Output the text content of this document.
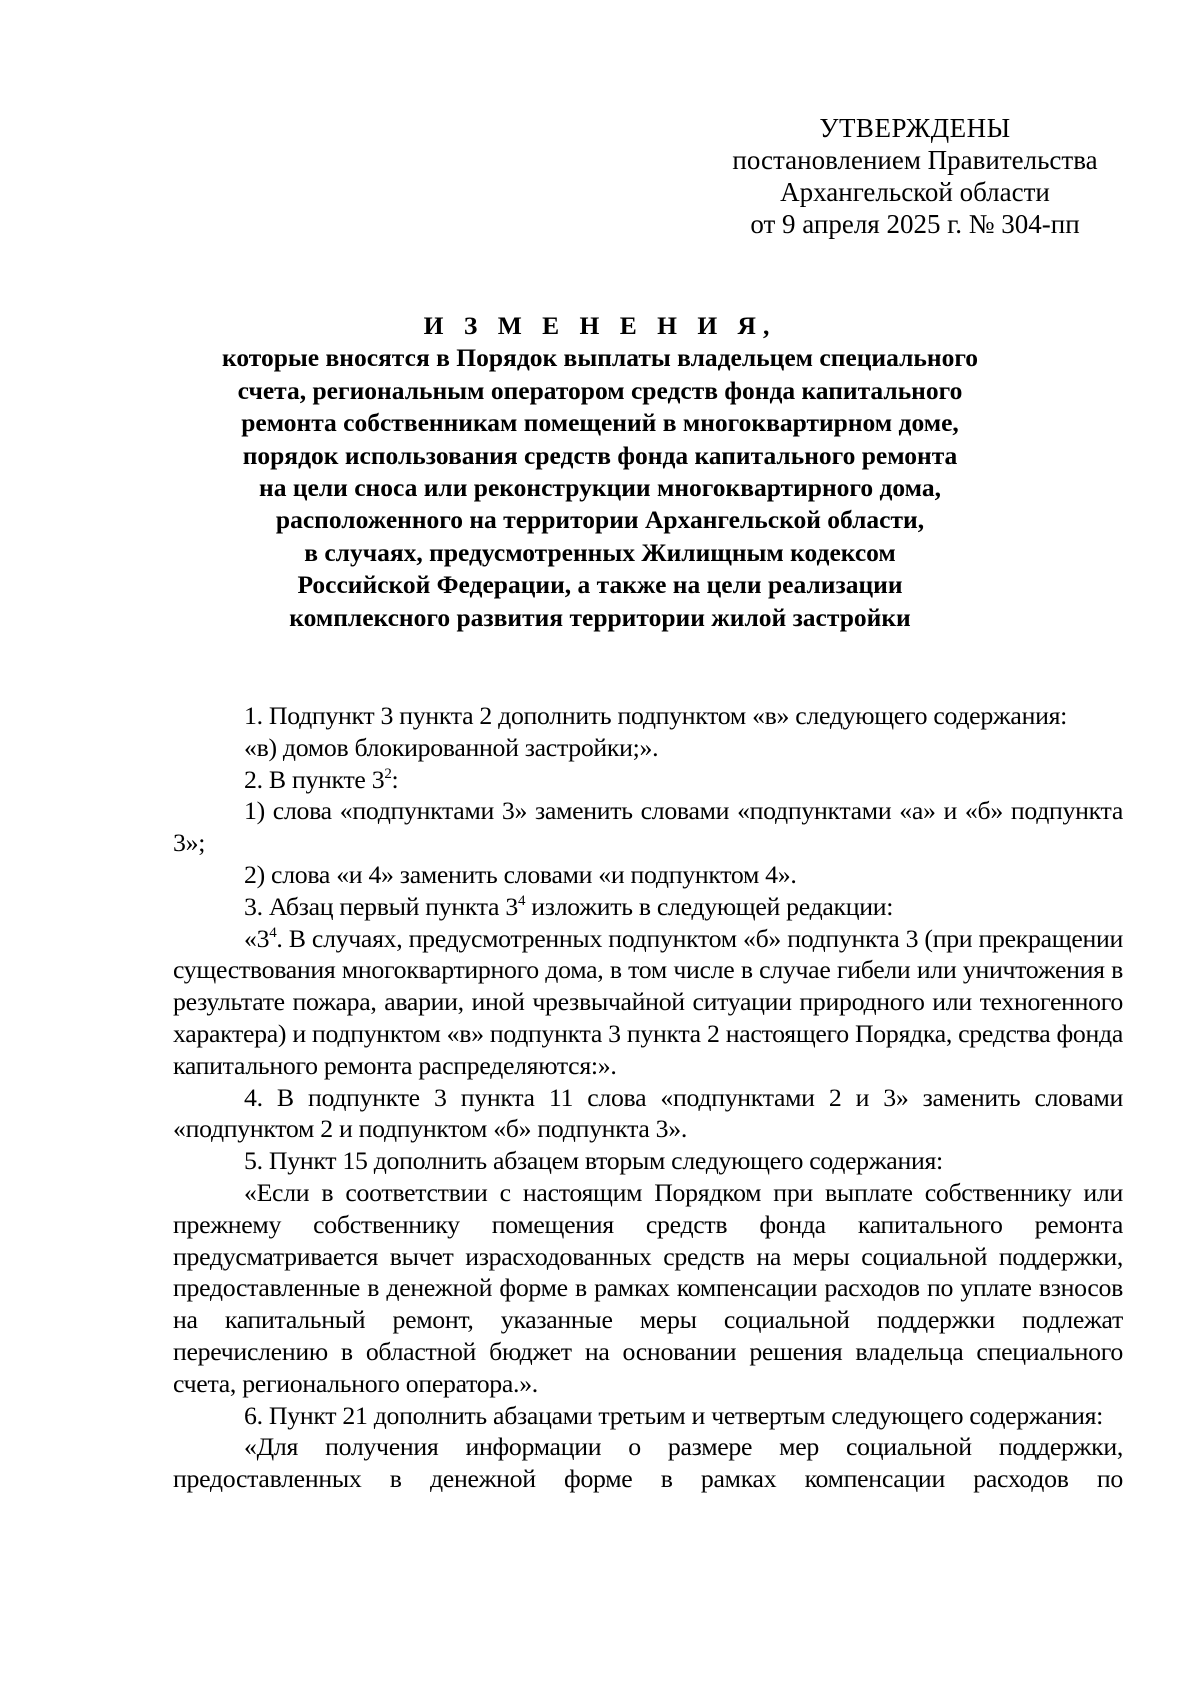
УТВЕРЖДЕНЫ
постановлением Правительства
Архангельской области
от 9 апреля 2025 г. № 304-пп
И З М Е Н Е Н И Я,
которые вносятся в Порядок выплаты владельцем специального
счета, региональным оператором средств фонда капитального
ремонта собственникам помещений в многоквартирном доме,
порядок использования средств фонда капитального ремонта
на цели сноса или реконструкции многоквартирного дома,
расположенного на территории Архангельской области,
в случаях, предусмотренных Жилищным кодексом
Российской Федерации, а также на цели реализации
комплексного развития территории жилой застройки

1. Подпункт 3 пункта 2 дополнить подпунктом «в» следующего содержания:

«в) домов блокированной застройки;».

2. В пункте $3^2$:

1) слова «подпунктами 3» заменить словами «подпунктами «а» и «б» подпункта 3»;

2) слова «и 4» заменить словами «и подпунктом 4».

3. Абзац первый пункта $3^4$ изложить в следующей редакции:

«$3^4$. В случаях, предусмотренных подпунктом «б» подпункта 3 (при прекращении существования многоквартирного дома, в том числе в случае гибели или уничтожения в результате пожара, аварии, иной чрезвычайной ситуации природного или техногенного характера) и подпунктом «в» подпункта 3 пункта 2 настоящего Порядка, средства фонда капитального ремонта распределяются:».

4. В подпункте 3 пункта 11 слова «подпунктами 2 и 3» заменить словами «подпунктом 2 и подпунктом «б» подпункта 3».

5. Пункт 15 дополнить абзацем вторым следующего содержания:

«Если в соответствии с настоящим Порядком при выплате собственнику или прежнему собственнику помещения средств фонда капитального ремонта предусматривается вычет израсходованных средств на меры социальной поддержки, предоставленные в денежной форме в рамках компенсации расходов по уплате взносов на капитальный ремонт, указанные меры социальной поддержки подлежат перечислению в областной бюджет на основании решения владельца специального счета, регионального оператора.».

6. Пункт 21 дополнить абзацами третьим и четвертым следующего содержания:

«Для получения информации о размере мер социальной поддержки, предоставленных в денежной форме в рамках компенсации расходов по
